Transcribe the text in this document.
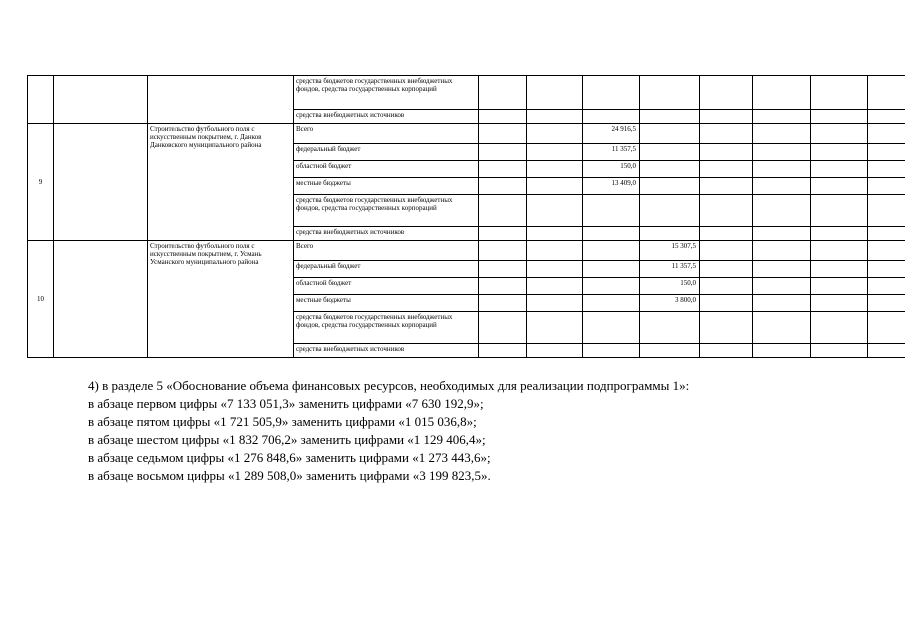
			средства бюджетов государственных внебюджетных фондов, средства государственных корпораций								
			средства внебюджетных источников								
9		Строительство футбольного поля с искусственным покрытием, г. Данков Данковского муниципального района	Всего			24 916,5					
			федеральный бюджет			11 357,5					
			областной бюджет			150,0					
			местные бюджеты			13 409,0					
			средства бюджетов государственных внебюджетных фондов, средства государственных корпораций								
			средства внебюджетных источников								
10		Строительство футбольного поля с искусственным покрытием, г. Усмань Усманского муниципального района	Всего				15 307,5				
			федеральный бюджет				11 357,5				
			областной бюджет				150,0				
			местные бюджеты				3 800,0				
			средства бюджетов государственных внебюджетных фондов, средства государственных корпораций								
			средства внебюджетных источников								
4) в разделе 5 «Обоснование объема финансовых ресурсов, необходимых для реализации подпрограммы 1»:
в абзаце первом цифры «7 133 051,3» заменить цифрами «7 630 192,9»;
в абзаце пятом цифры «1 721 505,9» заменить цифрами «1 015 036,8»;
в абзаце шестом цифры «1 832 706,2» заменить цифрами «1 129 406,4»;
в абзаце седьмом цифры «1 276 848,6» заменить цифрами «1 273 443,6»;
в абзаце восьмом цифры «1 289 508,0» заменить цифрами «3 199 823,5».
